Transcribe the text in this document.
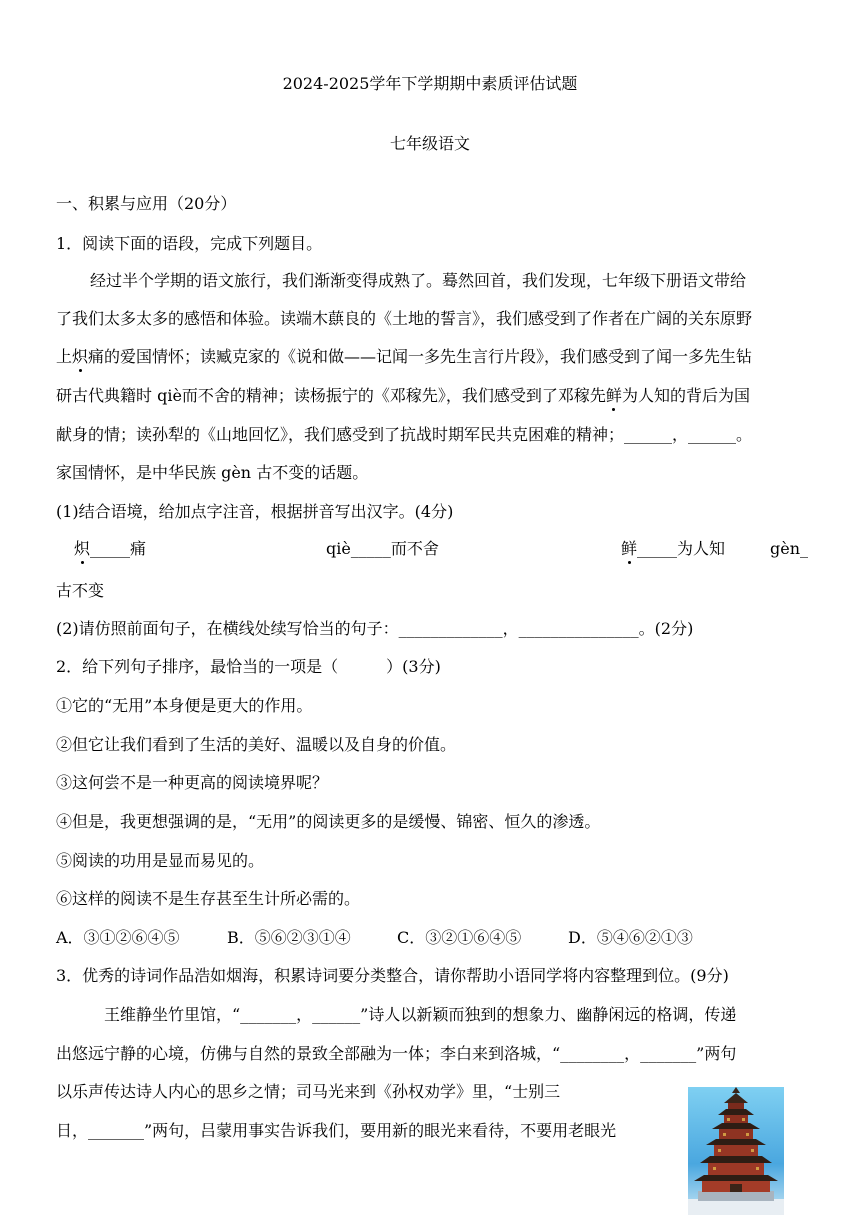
2024-2025学年下学期期中素质评估试题
七年级语文
一、积累与应用（20分）
1．阅读下面的语段，完成下列题目。
经过半个学期的语文旅行，我们渐渐变得成熟了。蓦然回首，我们发现，七年级下册语文带给
了我们太多太多的感悟和体验。读端木蕻良的《土地的誓言》，我们感受到了作者在广阔的关东原野
上炽痛的爱国情怀；读臧克家的《说和做——记闻一多先生言行片段》，我们感受到了闻一多先生钻
研古代典籍时 qiè而不舍的精神；读杨振宁的《邓稼先》，我们感受到了邓稼先鲜为人知的背后为国
献身的情；读孙犁的《山地回忆》，我们感受到了抗战时期军民共克困难的精神；______，______。
家国情怀，是中华民族 gèn 古不变的话题。
(1)结合语境，给加点字注音，根据拼音写出汉字。(4分)
炽_____痛	qiè_____而不舍	鲜_____为人知	gèn_
古不变
(2)请仿照前面句子，在横线处续写恰当的句子：_____________，_______________。(2分)
2．给下列句子排序，最恰当的一项是（　　　）(3分)
①它的“无用”本身便是更大的作用。
②但它让我们看到了生活的美好、温暖以及自身的价值。
③这何尝不是一种更高的阅读境界呢？
④但是，我更想强调的是，“无用”的阅读更多的是缓慢、锦密、恒久的渗透。
⑤阅读的功用是显而易见的。
⑥这样的阅读不是生存甚至生计所必需的。
A．③①②⑥④⑤	B．⑤⑥②③①④	C．③②①⑥④⑤	D．⑤④⑥②①③
3．优秀的诗词作品浩如烟海，积累诗词要分类整合，请你帮助小语同学将内容整理到位。(9分)
王维静坐竹里馆，“_______，______”诗人以新颖而独到的想象力、幽静闲远的格调，传递
出悠远宁静的心境，仿佛与自然的景致全部融为一体；李白来到洛城，“________，_______”两句
以乐声传达诗人内心的思乡之情；司马光来到《孙权劝学》里，“士别三
日，_______”两句，吕蒙用事实告诉我们，要用新的眼光来看待，不要用老眼光
